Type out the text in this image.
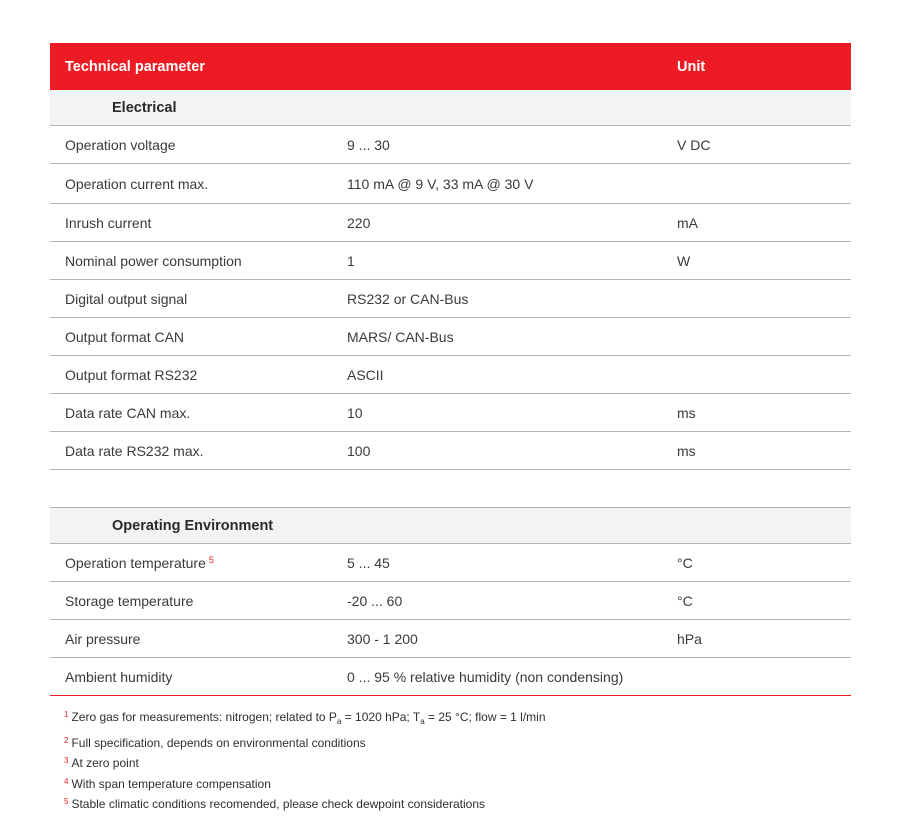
Technical parameter	Unit
Electrical
Operation voltage	9 ... 30	V DC
Operation current max.	110 mA @ 9 V, 33 mA @ 30 V
Inrush current	220	mA
Nominal power consumption	1	W
Digital output signal	RS232 or CAN-Bus
Output format CAN	MARS/ CAN-Bus
Output format RS232	ASCII
Data rate CAN max.	10	ms
Data rate RS232 max.	100	ms
Operating Environment
Operation temperature $^5$	5 ... 45	°C
Storage temperature	-20 ... 60	°C
Air pressure	300 - 1 200	hPa
Ambient humidity	0 ... 95 % relative humidity (non condensing)
$^1$ Zero gas for measurements: nitrogen; related to $P_a = 1020$ hPa; $T_a = 25$ °C; flow = 1 l/min
$^2$ Full specification, depends on environmental conditions
$^3$ At zero point
$^4$ With span temperature compensation
$^5$ Stable climatic conditions recomended, please check dewpoint considerations
